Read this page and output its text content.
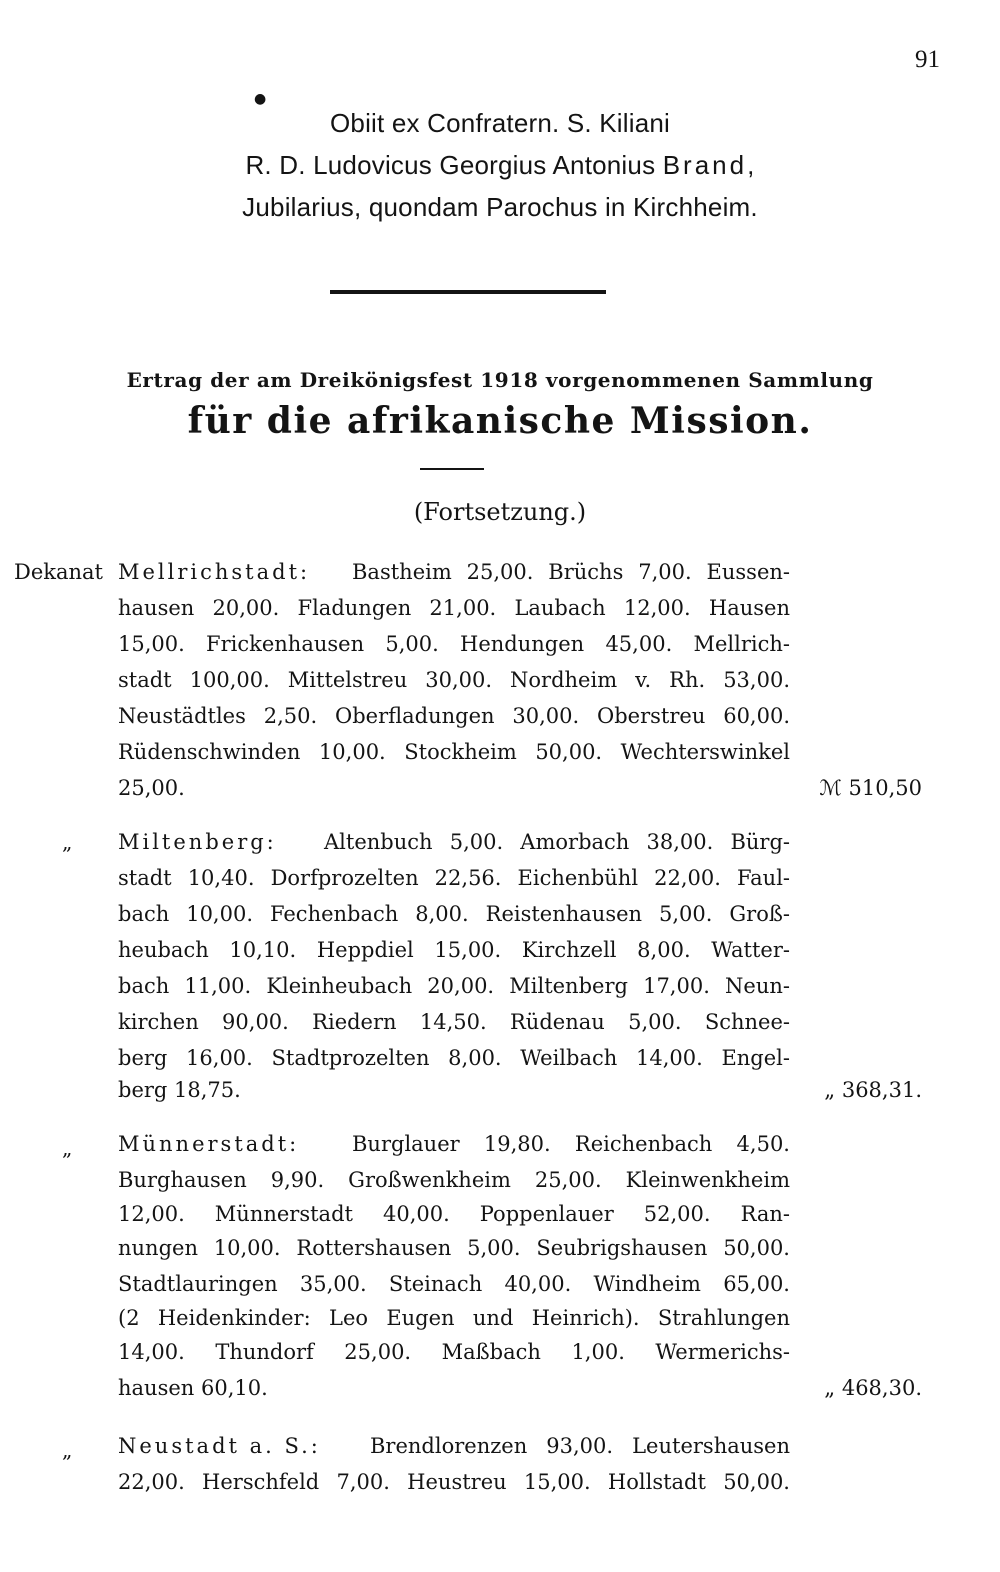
91
●
Obiit ex Confratern. S. Kiliani
R. D. Ludovicus Georgius Antonius Brand,
Jubilarius, quondam Parochus in Kirchheim.
Ertrag der am Dreikönigsfest 1918 vorgenommenen Sammlung
für die afrikanische Mission.
(Fortsetzung.)
Dekanat Mellrichstadt: Bastheim 25,00. Brüchs 7,00. Eussen-
hausen 20,00. Fladungen 21,00. Laubach 12,00. Hausen
15,00. Frickenhausen 5,00. Hendungen 45,00. Mellrich-
stadt 100,00. Mittelstreu 30,00. Nordheim v. Rh. 53,00.
Neustädtles 2,50. Oberfladungen 30,00. Oberstreu 60,00.
Rüdenschwinden 10,00. Stockheim 50,00. Wechterswinkel
25,00.	ℳ 510,50
„ Miltenberg: Altenbuch 5,00. Amorbach 38,00. Bürg-
stadt 10,40. Dorfprozelten 22,56. Eichenbühl 22,00. Faul-
bach 10,00. Fechenbach 8,00. Reistenhausen 5,00. Groß-
heubach 10,10. Heppdiel 15,00. Kirchzell 8,00. Watter-
bach 11,00. Kleinheubach 20,00. Miltenberg 17,00. Neun-
kirchen 90,00. Riedern 14,50. Rüdenau 5,00. Schnee-
berg 16,00. Stadtprozelten 8,00. Weilbach 14,00. Engel-
berg 18,75.	„ 368,31.
„ Münnerstadt:	Burglauer 19,80. Reichenbach 4,50.
Burghausen 9,90. Großwenkheim 25,00. Kleinwenkheim
12,00. Münnerstadt 40,00. Poppenlauer 52,00. Ran-
nungen 10,00. Rottershausen 5,00. Seubrigshausen 50,00.
Stadtlauringen 35,00. Steinach 40,00. Windheim 65,00.
(2 Heidenkinder: Leo Eugen und Heinrich). Strahlungen
14,00. Thundorf 25,00. Maßbach 1,00. Wermerichs-
hausen 60,10.	„ 468,30.
„ Neustadt a. S.: Brendlorenzen 93,00. Leutershausen
22,00. Herschfeld 7,00. Heustreu 15,00. Hollstadt 50,00.
